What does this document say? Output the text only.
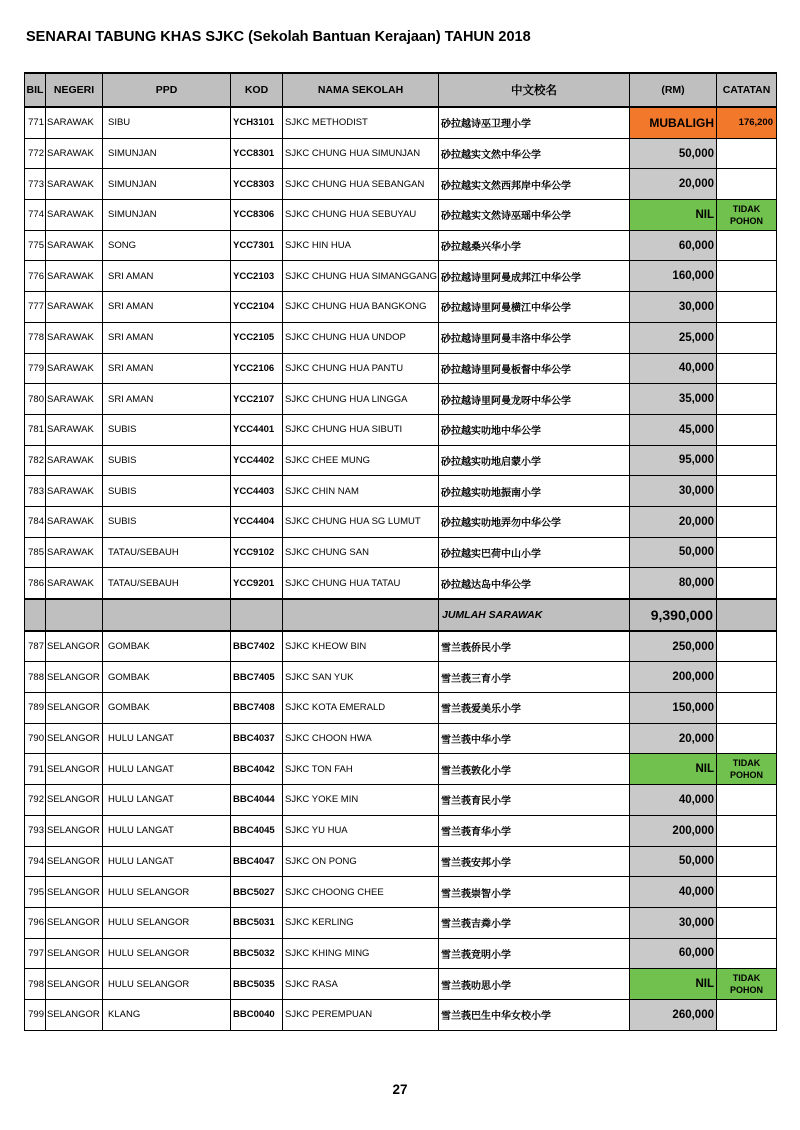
SENARAI TABUNG KHAS SJKC (Sekolah Bantuan Kerajaan) TAHUN 2018
BIL	NEGERI	PPD	KOD	NAMA SEKOLAH	中文校名	(RM)	CATATAN
771	SARAWAK	SIBU	YCH3101	SJKC METHODIST	砂拉越诗巫卫理小学	MUBALIGH	176,200
772	SARAWAK	SIMUNJAN	YCC8301	SJKC CHUNG HUA SIMUNJAN	砂拉越实文然中华公学	50,000	
773	SARAWAK	SIMUNJAN	YCC8303	SJKC CHUNG HUA SEBANGAN	砂拉越实文然西邦岸中华公学	20,000	
774	SARAWAK	SIMUNJAN	YCC8306	SJKC CHUNG HUA SEBUYAU	砂拉越实文然诗巫瑶中华公学	NIL	TIDAK POHON
775	SARAWAK	SONG	YCC7301	SJKC HIN HUA	砂拉越桑兴华小学	60,000	
776	SARAWAK	SRI AMAN	YCC2103	SJKC CHUNG HUA SIMANGGANG	砂拉越诗里阿曼成邦江中华公学	160,000	
777	SARAWAK	SRI AMAN	YCC2104	SJKC CHUNG HUA BANGKONG	砂拉越诗里阿曼横江中华公学	30,000	
778	SARAWAK	SRI AMAN	YCC2105	SJKC CHUNG HUA UNDOP	砂拉越诗里阿曼丰洛中华公学	25,000	
779	SARAWAK	SRI AMAN	YCC2106	SJKC CHUNG HUA PANTU	砂拉越诗里阿曼板督中华公学	40,000	
780	SARAWAK	SRI AMAN	YCC2107	SJKC CHUNG HUA LINGGA	砂拉越诗里阿曼龙呀中华公学	35,000	
781	SARAWAK	SUBIS	YCC4401	SJKC CHUNG HUA SIBUTI	砂拉越实叻地中华公学	45,000	
782	SARAWAK	SUBIS	YCC4402	SJKC CHEE MUNG	砂拉越实叻地启蒙小学	95,000	
783	SARAWAK	SUBIS	YCC4403	SJKC CHIN NAM	砂拉越实叻地振南小学	30,000	
784	SARAWAK	SUBIS	YCC4404	SJKC CHUNG HUA SG LUMUT	砂拉越实叻地弄勿中华公学	20,000	
785	SARAWAK	TATAU/SEBAUH	YCC9102	SJKC CHUNG SAN	砂拉越实巴荷中山小学	50,000	
786	SARAWAK	TATAU/SEBAUH	YCC9201	SJKC CHUNG HUA TATAU	砂拉越达岛中华公学	80,000	
					JUMLAH SARAWAK	9,390,000	
787	SELANGOR	GOMBAK	BBC7402	SJKC KHEOW BIN	雪兰莪侨民小学	250,000	
788	SELANGOR	GOMBAK	BBC7405	SJKC SAN YUK	雪兰莪三育小学	200,000	
789	SELANGOR	GOMBAK	BBC7408	SJKC KOTA EMERALD	雪兰莪爱美乐小学	150,000	
790	SELANGOR	HULU LANGAT	BBC4037	SJKC CHOON HWA	雪兰莪中华小学	20,000	
791	SELANGOR	HULU LANGAT	BBC4042	SJKC TON FAH	雪兰莪敦化小学	NIL	TIDAK POHON
792	SELANGOR	HULU LANGAT	BBC4044	SJKC YOKE MIN	雪兰莪育民小学	40,000	
793	SELANGOR	HULU LANGAT	BBC4045	SJKC YU HUA	雪兰莪育华小学	200,000	
794	SELANGOR	HULU LANGAT	BBC4047	SJKC ON PONG	雪兰莪安邦小学	50,000	
795	SELANGOR	HULU SELANGOR	BBC5027	SJKC CHOONG CHEE	雪兰莪崇智小学	40,000	
796	SELANGOR	HULU SELANGOR	BBC5031	SJKC KERLING	雪兰莪吉粦小学	30,000	
797	SELANGOR	HULU SELANGOR	BBC5032	SJKC KHING MING	雪兰莪竞明小学	60,000	
798	SELANGOR	HULU SELANGOR	BBC5035	SJKC RASA	雪兰莪叻思小学	NIL	TIDAK POHON
799	SELANGOR	KLANG	BBC0040	SJKC PEREMPUAN	雪兰莪巴生中华女校小学	260,000	
27
